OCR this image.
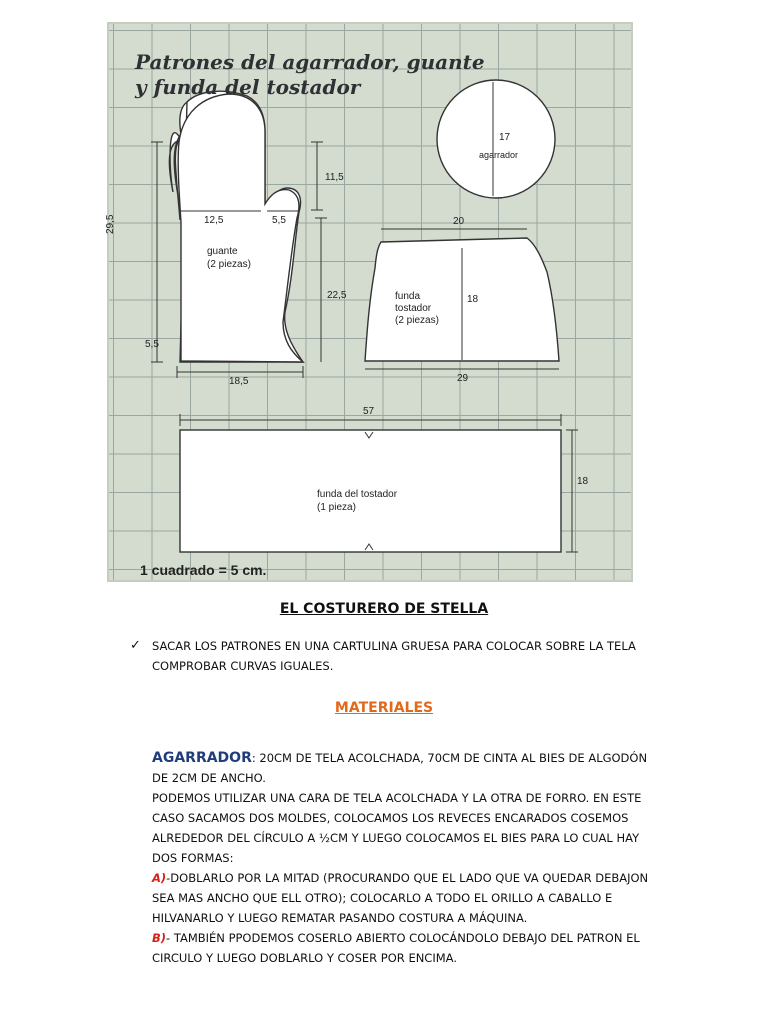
12,5	5,5
29,5
11,5
22,5
5,5
18,5
17
20
18
29
57
18
agarrador
guante
(2 piezas)
funda
tostador
(2 piezas)
funda del tostador
(1 pieza)
Patrones del agarrador, guante
y funda del tostador
1 cuadrado = 5 cm.
EL COSTURERO DE STELLA
✓ SACAR LOS PATRONES EN UNA CARTULINA GRUESA PARA COLOCAR SOBRE LA TELA
COMPROBAR CURVAS IGUALES.
MATERIALES

AGARRADOR: 20CM DE TELA ACOLCHADA, 70CM DE CINTA AL BIES DE ALGODÓN DE 2CM DE ANCHO.

PODEMOS UTILIZAR UNA CARA DE TELA ACOLCHADA Y LA OTRA DE FORRO. EN ESTE CASO SACAMOS DOS MOLDES, COLOCAMOS LOS REVECES ENCARADOS COSEMOS ALREDEDOR DEL CÍRCULO A ½CM Y LUEGO COLOCAMOS EL BIES PARA LO CUAL HAY DOS FORMAS:

A)-DOBLARLO POR LA MITAD (PROCURANDO QUE EL LADO QUE VA QUEDAR DEBAJON SEA MAS ANCHO QUE ELL OTRO); COLOCARLO A TODO EL ORILLO A CABALLO E HILVANARLO Y LUEGO REMATAR PASANDO COSTURA A MÁQUINA.

B)- TAMBIÉN PPODEMOS COSERLO ABIERTO COLOCÁNDOLO DEBAJO DEL PATRON EL CIRCULO Y LUEGO DOBLARLO Y COSER POR ENCIMA.
